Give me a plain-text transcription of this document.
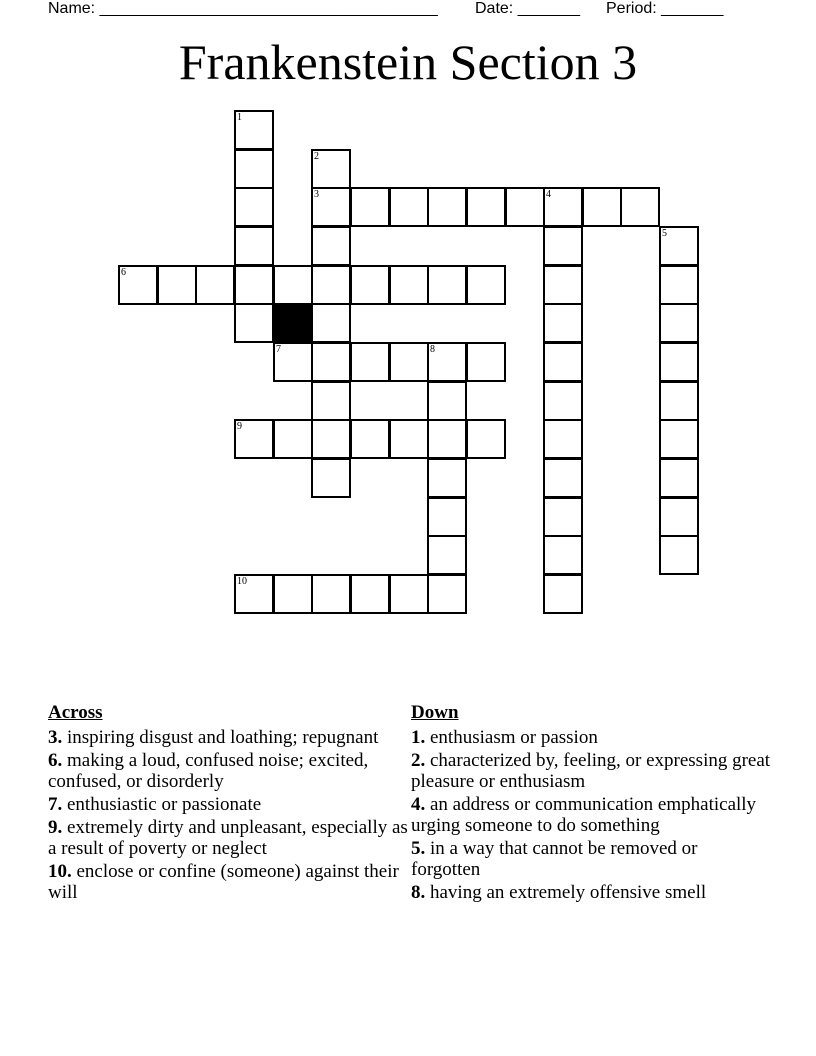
Name: ______________________________________ Date: _______ Period: _______
Frankenstein Section 3
1
2
3	4
5
6
7	8
9
10
Across
3. inspiring disgust and loathing; repugnant
6. making a loud, confused noise; excited, confused, or disorderly
7. enthusiastic or passionate
9. extremely dirty and unpleasant, especially as a result of poverty or neglect
10. enclose or confine (someone) against their will
Down
1. enthusiasm or passion
2. characterized by, feeling, or expressing great pleasure or enthusiasm
4. an address or communication emphatically urging someone to do something
5. in a way that cannot be removed or forgotten
8. having an extremely offensive smell
